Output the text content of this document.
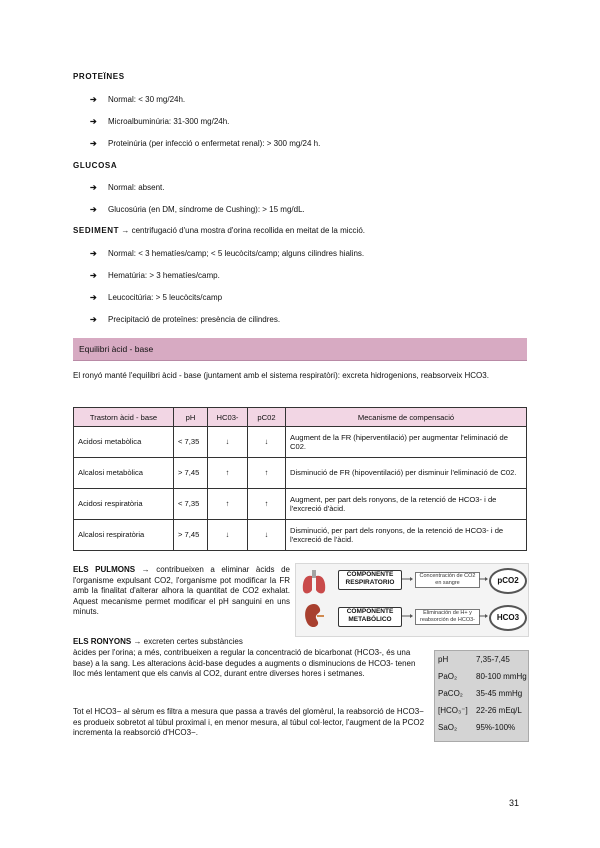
PROTEÏNES
➔ Normal: < 30 mg/24h.
➔ Microalbuminúria: 31-300 mg/24h.
➔ Proteinúria (per infecció o enfermetat renal): > 300 mg/24 h.
GLUCOSA
➔ Normal: absent.
➔ Glucosúria (en DM, síndrome de Cushing): > 15 mg/dL.
SEDIMENT → centrifugació d'una mostra d'orina recollida en meitat de la micció.
➔ Normal: < 3 hematíes/camp; < 5 leucòcits/camp; alguns cilindres hialins.
➔ Hematúria: > 3 hematíes/camp.
➔ Leucocitúria: > 5 leucòcits/camp
➔ Precipitació de proteïnes: presència de cilindres.
Equilibri àcid - base
El ronyó manté l'equilibri àcid - base (juntament amb el sistema respiratòri): excreta hidrogenions, reabsorveix HCO3.
Trastorn àcid - base	pH	HC03-	pC02	Mecanisme de compensació
Acidosi metabòlica	< 7,35	↓	↓	Augment de la FR (hiperventilació) per augmentar l'eliminació de C02.
Alcalosi metabòlica	> 7,45	↑	↑	Disminució de FR (hipoventilació) per disminuir l'eliminació de C02.
Acidosi respiratòria	< 7,35	↑	↑	Augment, per part dels ronyons, de la retenció de HCO3- i de l'excreció d'àcid.
Alcalosi respiratòria	> 7,45	↓	↓	Disminució, per part dels ronyons, de la retenció de HCO3- i de l'excreció de l'àcid.
ELS PULMONS → contribueixen a eliminar àcids de l'organisme expulsant CO2, l'organisme pot modificar la FR amb la finalitat d'alterar alhora la quantitat de CO2 exhalat. Aquest mecanisme permet modificar el pH sanguini en uns minuts.
COMPONENTE RESPIRATORIO
Concentración de CO2 en sangre	pCO2
COMPONENTE METABÓLICO
Eliminación de H+ y reabsorción de HCO3-	HCO3
ELS RONYONS → excreten certes substàncies
àcides per l'orina; a més, contribueixen a regular la concentració de bicarbonat (HCO3-, és una base) a la sang. Les alteracions àcid-base degudes a augments o disminucions de HCO3- tenen lloc més lentament que els canvis al CO2, durant entre diverses hores i setmanes.
pH	7,35-7,45
PaO₂ 80-100 mmHg
PaCO₂ 35-45 mmHg
[HCO₃⁻] 22-26 mEq/L
SaO₂ 95%-100%
Tot el HCO3− al sèrum es filtra a mesura que passa a través del glomèrul, la reabsorció de HCO3− es produeix sobretot al túbul proximal i, en menor mesura, al túbul col·lector, l'augment de la PCO2 incrementa la reabsorció d'HCO3−.
31
